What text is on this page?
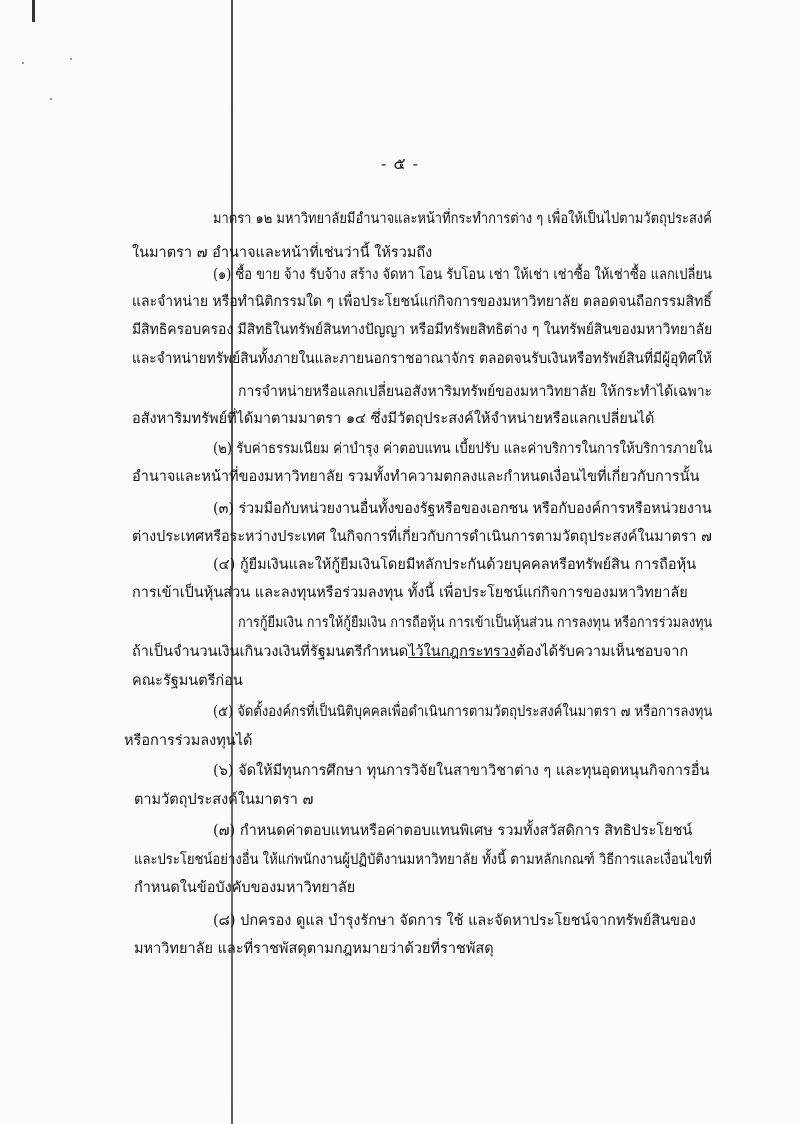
- ๕ -
มาตรา ๑๒ มหาวิทยาลัยมีอำนาจและหน้าที่กระทำการต่าง ๆ เพื่อให้เป็นไปตามวัตถุประสงค์
ในมาตรา ๗ อำนาจและหน้าที่เช่นว่านี้ ให้รวมถึง
(๑) ซื้อ ขาย จ้าง รับจ้าง สร้าง จัดหา โอน รับโอน เช่า ให้เช่า เช่าซื้อ ให้เช่าซื้อ แลกเปลี่ยน
และจำหน่าย หรือทำนิติกรรมใด ๆ เพื่อประโยชน์แก่กิจการของมหาวิทยาลัย ตลอดจนถือกรรมสิทธิ์
มีสิทธิครอบครอง มีสิทธิในทรัพย์สินทางปัญญา หรือมีทรัพยสิทธิต่าง ๆ ในทรัพย์สินของมหาวิทยาลัย
และจำหน่ายทรัพย์สินทั้งภายในและภายนอกราชอาณาจักร ตลอดจนรับเงินหรือทรัพย์สินที่มีผู้อุทิศให้
การจำหน่ายหรือแลกเปลี่ยนอสังหาริมทรัพย์ของมหาวิทยาลัย ให้กระทำได้เฉพาะ
อสังหาริมทรัพย์ที่ได้มาตามมาตรา ๑๔ ซึ่งมีวัตถุประสงค์ให้จำหน่ายหรือแลกเปลี่ยนได้
(๒) รับค่าธรรมเนียม ค่าบำรุง ค่าตอบแทน เบี้ยปรับ และค่าบริการในการให้บริการภายใน
อำนาจและหน้าที่ของมหาวิทยาลัย รวมทั้งทำความตกลงและกำหนดเงื่อนไขที่เกี่ยวกับการนั้น
(๓) ร่วมมือกับหน่วยงานอื่นทั้งของรัฐหรือของเอกชน หรือกับองค์การหรือหน่วยงาน
ต่างประเทศหรือระหว่างประเทศ ในกิจการที่เกี่ยวกับการดำเนินการตามวัตถุประสงค์ในมาตรา ๗
(๔) กู้ยืมเงินและให้กู้ยืมเงินโดยมีหลักประกันด้วยบุคคลหรือทรัพย์สิน การถือหุ้น
การเข้าเป็นหุ้นส่วน และลงทุนหรือร่วมลงทุน ทั้งนี้ เพื่อประโยชน์แก่กิจการของมหาวิทยาลัย
การกู้ยืมเงิน การให้กู้ยืมเงิน การถือหุ้น การเข้าเป็นหุ้นส่วน การลงทุน หรือการร่วมลงทุน
ถ้าเป็นจำนวนเงินเกินวงเงินที่รัฐมนตรีกำหนดไว้ในกฎกระทรวงต้องได้รับความเห็นชอบจาก
คณะรัฐมนตรีก่อน
(๕) จัดตั้งองค์กรที่เป็นนิติบุคคลเพื่อดำเนินการตามวัตถุประสงค์ในมาตรา ๗ หรือการลงทุน
หรือการร่วมลงทุนได้
(๖) จัดให้มีทุนการศึกษา ทุนการวิจัยในสาขาวิชาต่าง ๆ และทุนอุดหนุนกิจการอื่น
ตามวัตถุประสงค์ในมาตรา ๗
(๗) กำหนดค่าตอบแทนหรือค่าตอบแทนพิเศษ รวมทั้งสวัสดิการ สิทธิประโยชน์
และประโยชน์อย่างอื่น ให้แก่พนักงานผู้ปฏิบัติงานมหาวิทยาลัย ทั้งนี้ ตามหลักเกณฑ์ วิธีการและเงื่อนไขที่
กำหนดในข้อบังคับของมหาวิทยาลัย
(๘) ปกครอง ดูแล บำรุงรักษา จัดการ ใช้ และจัดหาประโยชน์จากทรัพย์สินของ
มหาวิทยาลัย และที่ราชพัสดุตามกฎหมายว่าด้วยที่ราชพัสดุ
